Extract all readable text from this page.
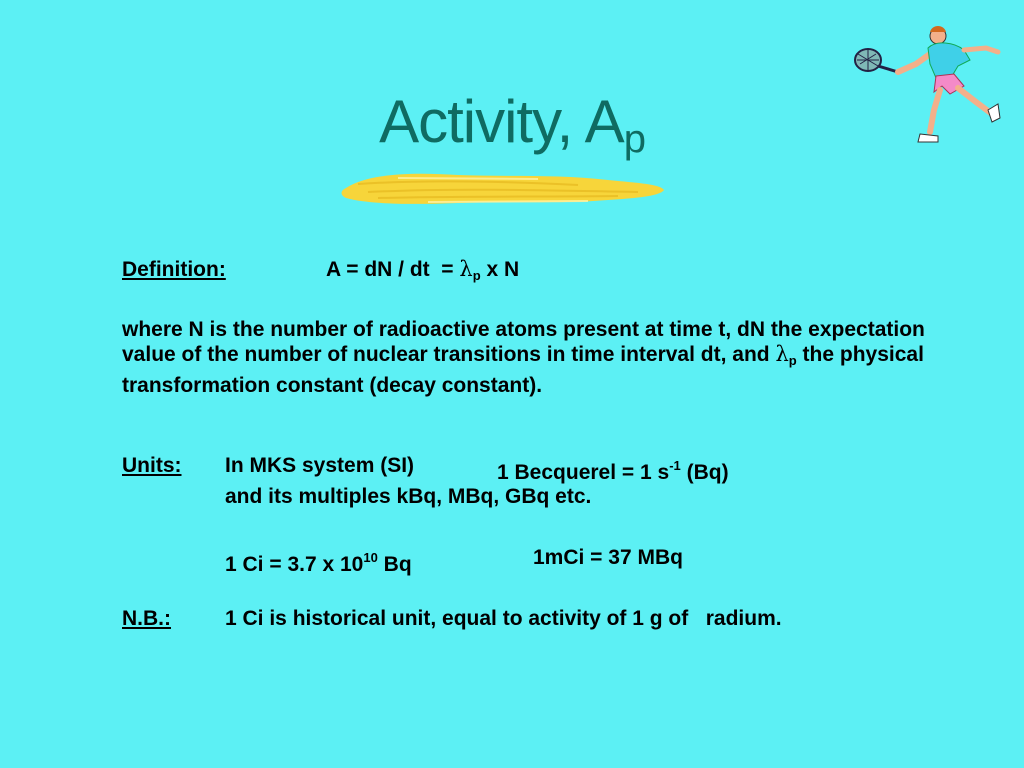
Activity, $A_p$
Definition:	A = dN / dt  = $\lambda_p$ x N
where N is the number of radioactive atoms present at time t, dN the expectation value of the number of nuclear transitions in time interval dt, and $\lambda_p$ the physical transformation constant (decay constant).
Units: In MKS system (SI)	1 Becquerel = 1 $s^{-1}$ (Bq)
and its multiples kBq, MBq, GBq etc.
1 Ci = 3.7 x $10^{10}$ Bq	1mCi = 37 MBq
N.B.:	1 Ci is historical unit, equal to activity of 1 g of   radium.
